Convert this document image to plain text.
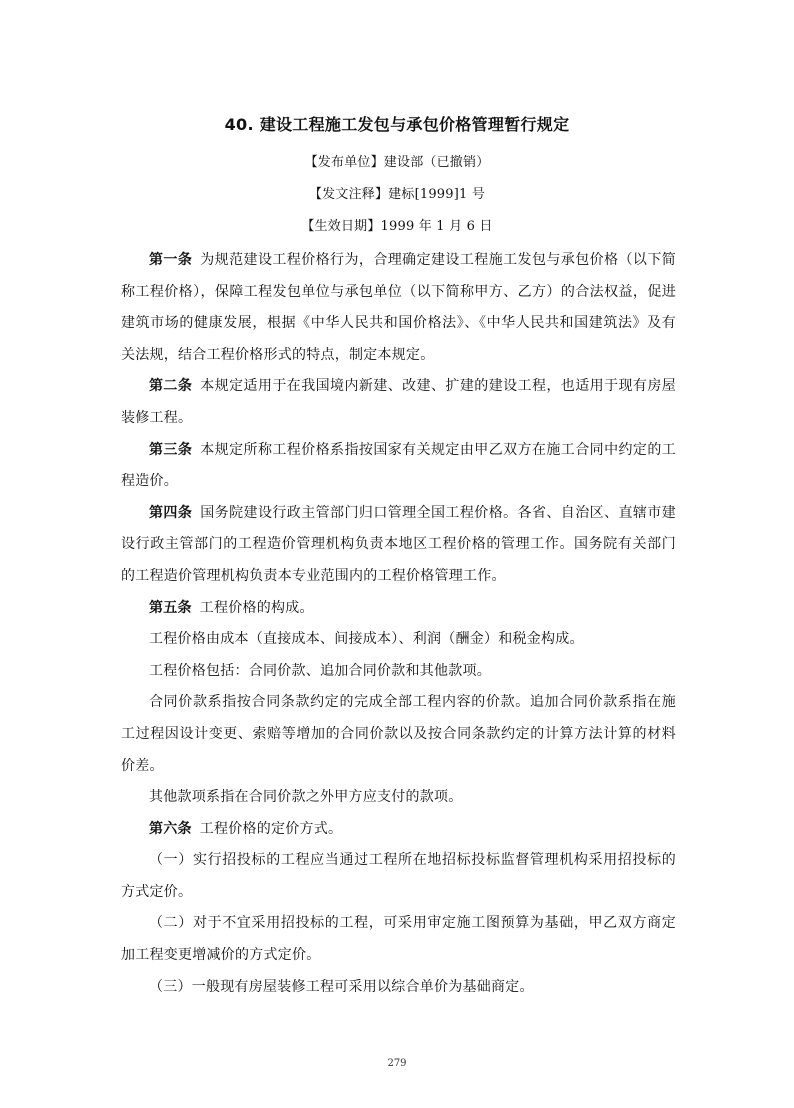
40. 建设工程施工发包与承包价格管理暂行规定
【发布单位】建设部（已撤销）
【发文注释】建标[1999]1 号
【生效日期】1999 年 1 月 6 日

第一条 为规范建设工程价格行为，合理确定建设工程施工发包与承包价格（以下简称工程价格），保障工程发包单位与承包单位（以下简称甲方、乙方）的合法权益，促进建筑市场的健康发展，根据《中华人民共和国价格法》、《中华人民共和国建筑法》及有关法规，结合工程价格形式的特点，制定本规定。

第二条 本规定适用于在我国境内新建、改建、扩建的建设工程，也适用于现有房屋装修工程。

第三条 本规定所称工程价格系指按国家有关规定由甲乙双方在施工合同中约定的工程造价。

第四条 国务院建设行政主管部门归口管理全国工程价格。各省、自治区、直辖市建设行政主管部门的工程造价管理机构负责本地区工程价格的管理工作。国务院有关部门的工程造价管理机构负责本专业范围内的工程价格管理工作。

第五条 工程价格的构成。

工程价格由成本（直接成本、间接成本）、利润（酬金）和税金构成。

工程价格包括：合同价款、追加合同价款和其他款项。

合同价款系指按合同条款约定的完成全部工程内容的价款。追加合同价款系指在施工过程因设计变更、索赔等增加的合同价款以及按合同条款约定的计算方法计算的材料价差。

其他款项系指在合同价款之外甲方应支付的款项。

第六条 工程价格的定价方式。

（一）实行招投标的工程应当通过工程所在地招标投标监督管理机构采用招投标的方式定价。

（二）对于不宜采用招投标的工程，可采用审定施工图预算为基础，甲乙双方商定加工程变更增减价的方式定价。

（三）一般现有房屋装修工程可采用以综合单价为基础商定。

279
